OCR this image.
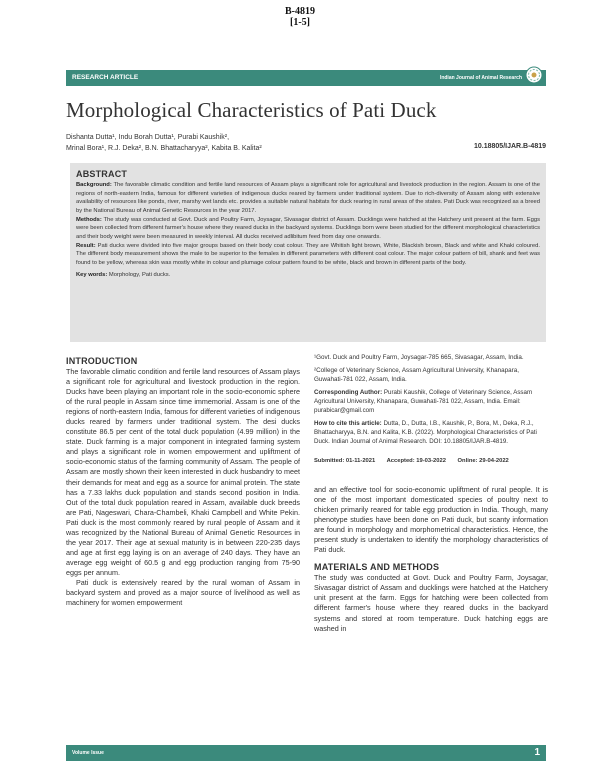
B-4819
[1-5]
RESEARCH ARTICLE	Indian Journal of Animal Research
Morphological Characteristics of Pati Duck
Dishanta Dutta¹, Indu Borah Dutta¹, Purabi Kaushik²,
Mrinal Bora¹, R.J. Deka², B.N. Bhattacharyya², Kabita B. Kalita²	10.18805/IJAR.B-4819
ABSTRACT

Background: The favorable climatic condition and fertile land resources of Assam plays a significant role for agricultural and livestock production in the region. Assam is one of the regions of north-eastern India, famous for different varieties of indigenous ducks reared by farmers under traditional system. Due to rich-diversity of Assam along with extensive availability of resources like ponds, river, marshy wet lands etc. provides a suitable natural habitats for duck rearing in rural areas of the states. Pati Duck was recognized as a breed by the National Bureau of Animal Genetic Resources in the year 2017.

Methods: The study was conducted at Govt. Duck and Poultry Farm, Joysagar, Sivasagar district of Assam. Ducklings were hatched at the Hatchery unit present at the farm. Eggs were been collected from different farmer's house where they reared ducks in the backyard systems. Ducklings born were been studied for the different morphological characteristics and their body weight were been measured in weekly interval. All ducks received adlibitum feed from day one onwards.

Result: Pati ducks were divided into five major groups based on their body coat colour. They are Whitish light brown, White, Blackish brown, Black and white and Khaki coloured. The different body measurement shows the male to be superior to the females in different parameters with different coat colour. The major colour pattern of bill, shank and feet was found to be yellow, whereas skin was mostly white in colour and plumage colour pattern found to be white, black and brown in different parts of the body.

Key words: Morphology, Pati ducks.

INTRODUCTION

The favorable climatic condition and fertile land resources of Assam plays a significant role for agricultural and livestock production in the region. Ducks have been playing an important role in the socio-economic sphere of the rural people in Assam since time immemorial. Assam is one of the regions of north-eastern India, famous for different varieties of indigenous ducks reared by farmers under traditional system. The desi ducks constitute 86.5 per cent of the total duck population (4.99 million) in the state. Duck farming is a major component in integrated farming system and plays a significant role in women empowerment and upliftment of socio-economic status of the farming community of Assam. The people of Assam are mostly shown their keen interested in duck husbandry to meet their demands for meat and egg as a source for animal protein. The state has a 7.33 lakhs duck population and stands second position in India. Out of the total duck population reared in Assam, available duck breeds are Pati, Nageswari, Chara-Chambeli, Khaki Campbell and White Pekin. Pati duck is the most commonly reared by rural people of Assam and it was recognized by the National Bureau of Animal Genetic Resources in the year 2017. Their age at sexual maturity is in between 220-235 days and age at first egg laying is on an average of 240 days. They have an average egg weight of 60.5 g and egg production ranging from 75-90 eggs per annum.

Pati duck is extensively reared by the rural woman of Assam in backyard system and proved as a major source of livelihood as well as machinery for women empowerment

¹Govt. Duck and Poultry Farm, Joysagar-785 665, Sivasagar, Assam, India.

²College of Veterinary Science, Assam Agricultural University, Khanapara, Guwahati-781 022, Assam, India.

Corresponding Author: Purabi Kaushik, College of Veterinary Science, Assam Agricultural University, Khanapara, Guwahati-781 022, Assam, India. Email: purabicar@gmail.com

How to cite this article: Dutta, D., Dutta, I.B., Kaushik, P., Bora, M., Deka, R.J., Bhattacharyya, B.N. and Kalita, K.B. (2022). Morphological Characteristics of Pati Duck. Indian Journal of Animal Research. DOI: 10.18805/IJAR.B-4819.

Submitted: 01-11-2021 Accepted: 19-03-2022 Online: 29-04-2022

and an effective tool for socio-economic upliftment of rural people. It is one of the most important domesticated species of poultry next to chicken primarily reared for table egg production in India. Though, many phenotype studies have been done on Pati duck, but scanty information are found in morphology and morphometrical characteristics. Hence, the present study is undertaken to identify the morphology characteristics of Pati duck.

MATERIALS AND METHODS

The study was conducted at Govt. Duck and Poultry Farm, Joysagar, Sivasagar district of Assam and ducklings were hatched at the Hatchery unit present at the farm. Eggs for hatching were been collected from different farmer's house where they reared ducks in the backyard systems and stored at room temperature. Duck hatching eggs are washed in

Volume Issue	1
